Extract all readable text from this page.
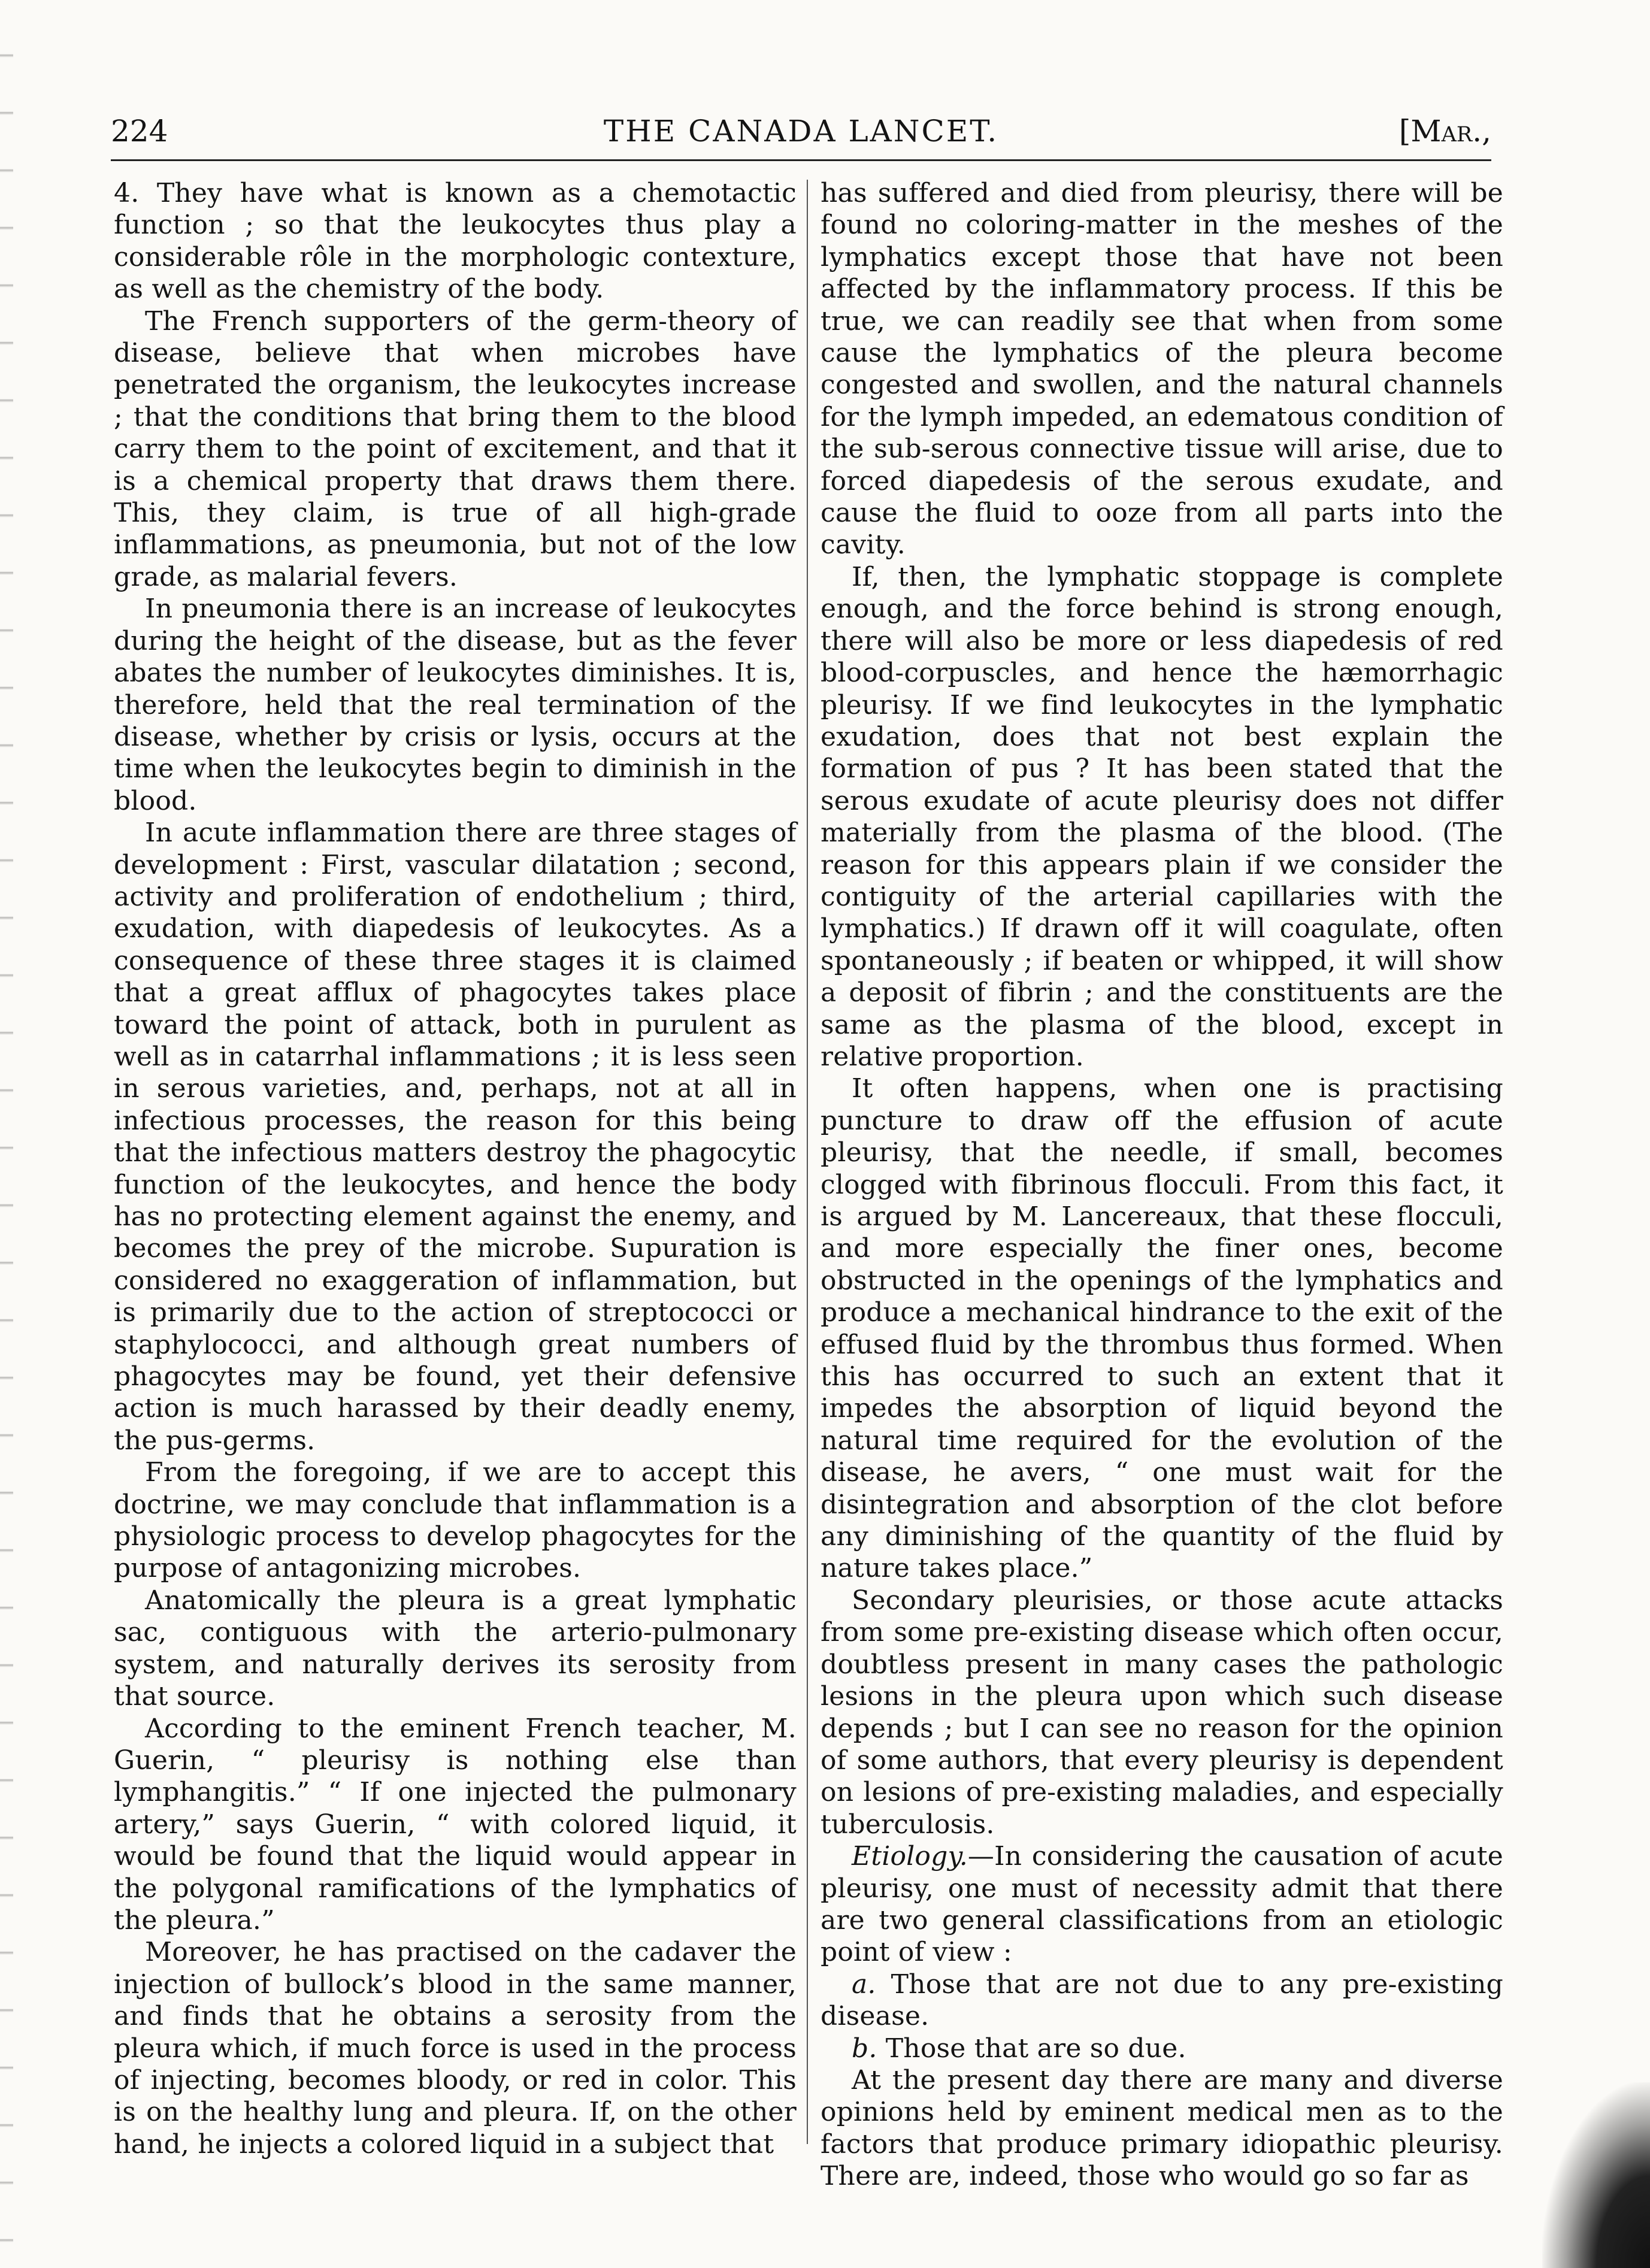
224	THE CANADA LANCET.	[Mar.,

4. They have what is known as a chemotactic function ; so that the leukocytes thus play a considerable rôle in the morphologic contexture, as well as the chemistry of the body.

The French supporters of the germ-theory of disease, believe that when microbes have penetrated the organism, the leukocytes increase ; that the conditions that bring them to the blood carry them to the point of excitement, and that it is a chemical property that draws them there. This, they claim, is true of all high-grade inflammations, as pneumonia, but not of the low grade, as malarial fevers.

In pneumonia there is an increase of leukocytes during the height of the disease, but as the fever abates the number of leukocytes diminishes. It is, therefore, held that the real termination of the disease, whether by crisis or lysis, occurs at the time when the leukocytes begin to diminish in the blood.

In acute inflammation there are three stages of development : First, vascular dilatation ; second, activity and proliferation of endothelium ; third, exudation, with diapedesis of leukocytes. As a consequence of these three stages it is claimed that a great afflux of phagocytes takes place toward the point of attack, both in purulent as well as in catarrhal inflammations ; it is less seen in serous varieties, and, perhaps, not at all in infectious processes, the reason for this being that the infectious matters destroy the phagocytic function of the leukocytes, and hence the body has no protecting element against the enemy, and becomes the prey of the microbe. Supuration is considered no exaggeration of inflammation, but is primarily due to the action of streptococci or staphylococci, and although great numbers of phagocytes may be found, yet their defensive action is much harassed by their deadly enemy, the pus-germs.

From the foregoing, if we are to accept this doctrine, we may conclude that inflammation is a physiologic process to develop phagocytes for the purpose of antagonizing microbes.

Anatomically the pleura is a great lymphatic sac, contiguous with the arterio-pulmonary system, and naturally derives its serosity from that source.

According to the eminent French teacher, M. Guerin, “ pleurisy is nothing else than lymphangitis.” “ If one injected the pulmonary artery,” says Guerin, “ with colored liquid, it would be found that the liquid would appear in the polygonal ramifications of the lymphatics of the pleura.”

Moreover, he has practised on the cadaver the injection of bullock’s blood in the same manner, and finds that he obtains a serosity from the pleura which, if much force is used in the process of injecting, becomes bloody, or red in color. This is on the healthy lung and pleura. If, on the other hand, he injects a colored liquid in a subject that

has suffered and died from pleurisy, there will be found no coloring-matter in the meshes of the lymphatics except those that have not been affected by the inflammatory process. If this be true, we can readily see that when from some cause the lymphatics of the pleura become congested and swollen, and the natural channels for the lymph impeded, an edematous condition of the sub-serous connective tissue will arise, due to forced diapedesis of the serous exudate, and cause the fluid to ooze from all parts into the cavity.

If, then, the lymphatic stoppage is complete enough, and the force behind is strong enough, there will also be more or less diapedesis of red blood-corpuscles, and hence the hæmorrhagic pleurisy. If we find leukocytes in the lymphatic exudation, does that not best explain the formation of pus ? It has been stated that the serous exudate of acute pleurisy does not differ materially from the plasma of the blood. (The reason for this appears plain if we consider the contiguity of the arterial capillaries with the lymphatics.) If drawn off it will coagulate, often spontaneously ; if beaten or whipped, it will show a deposit of fibrin ; and the constituents are the same as the plasma of the blood, except in relative proportion.

It often happens, when one is practising puncture to draw off the effusion of acute pleurisy, that the needle, if small, becomes clogged with fibrinous flocculi. From this fact, it is argued by M. Lancereaux, that these flocculi, and more especially the finer ones, become obstructed in the openings of the lymphatics and produce a mechanical hindrance to the exit of the effused fluid by the thrombus thus formed. When this has occurred to such an extent that it impedes the absorption of liquid beyond the natural time required for the evolution of the disease, he avers, “ one must wait for the disintegration and absorption of the clot before any diminishing of the quantity of the fluid by nature takes place.”

Secondary pleurisies, or those acute attacks from some pre-existing disease which often occur, doubtless present in many cases the pathologic lesions in the pleura upon which such disease depends ; but I can see no reason for the opinion of some authors, that every pleurisy is dependent on lesions of pre-existing maladies, and especially tuberculosis.

Etiology.—In considering the causation of acute pleurisy, one must of necessity admit that there are two general classifications from an etiologic point of view :

a. Those that are not due to any pre-existing disease.

b. Those that are so due.

At the present day there are many and diverse opinions held by eminent medical men as to the factors that produce primary idiopathic pleurisy. There are, indeed, those who would go so far as
